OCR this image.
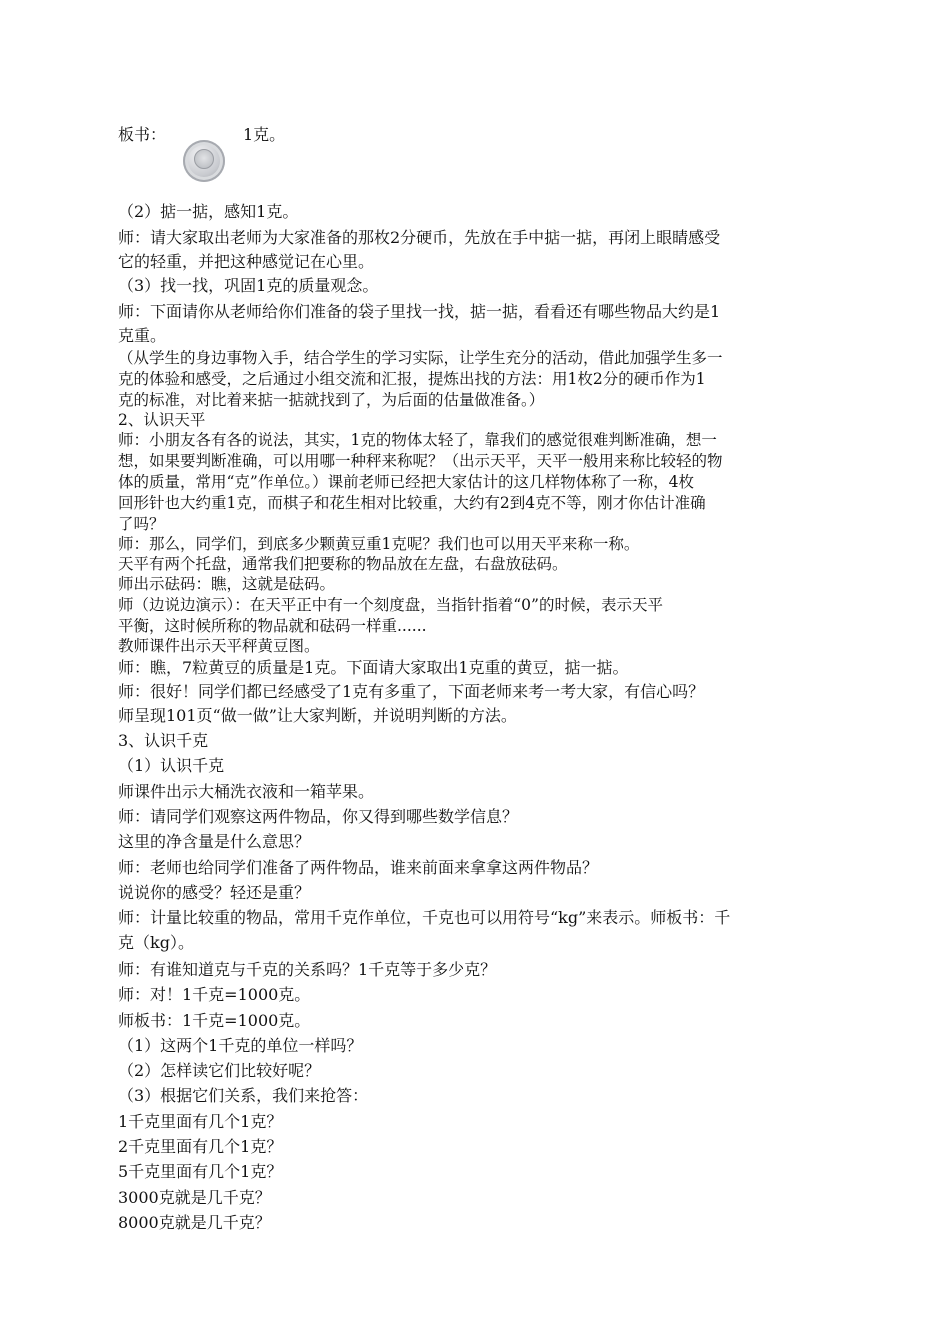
板书：	1克。

（2）掂一掂，感知1克。

师：请大家取出老师为大家准备的那枚2分硬币，先放在手中掂一掂，再闭上眼睛感受

它的轻重，并把这种感觉记在心里。

（3）找一找，巩固1克的质量观念。

师：下面请你从老师给你们准备的袋子里找一找，掂一掂，看看还有哪些物品大约是1

克重。

（从学生的身边事物入手，结合学生的学习实际，让学生充分的活动，借此加强学生多一

克的体验和感受，之后通过小组交流和汇报，提炼出找的方法：用1枚2分的硬币作为1

克的标准，对比着来掂一掂就找到了，为后面的估量做准备。）

2、认识天平

师：小朋友各有各的说法，其实，1克的物体太轻了，靠我们的感觉很难判断准确，想一

想，如果要判断准确，可以用哪一种秤来称呢？（出示天平，天平一般用来称比较轻的物

体的质量，常用“克”作单位。）课前老师已经把大家估计的这几样物体称了一称，4枚

回形针也大约重1克，而棋子和花生相对比较重，大约有2到4克不等，刚才你估计准确

了吗？

师：那么，同学们，到底多少颗黄豆重1克呢？我们也可以用天平来称一称。

天平有两个托盘，通常我们把要称的物品放在左盘，右盘放砝码。

师出示砝码：瞧，这就是砝码。

师（边说边演示）：在天平正中有一个刻度盘，当指针指着“0”的时候，表示天平

平衡，这时候所称的物品就和砝码一样重......

教师课件出示天平秤黄豆图。

师：瞧，7粒黄豆的质量是1克。下面请大家取出1克重的黄豆，掂一掂。

师：很好！同学们都已经感受了1克有多重了，下面老师来考一考大家，有信心吗？

师呈现101页“做一做”让大家判断，并说明判断的方法。

3、认识千克

（1）认识千克

师课件出示大桶洗衣液和一箱苹果。

师：请同学们观察这两件物品，你又得到哪些数学信息？

这里的净含量是什么意思？

师：老师也给同学们准备了两件物品，谁来前面来拿拿这两件物品？

说说你的感受？轻还是重？

师：计量比较重的物品，常用千克作单位，千克也可以用符号“kg”来表示。师板书：千

克（kg）。

师：有谁知道克与千克的关系吗？1千克等于多少克？

师：对！1千克=1000克。

师板书：1千克=1000克。

（1）这两个1千克的单位一样吗？

（2）怎样读它们比较好呢？

（3）根据它们关系，我们来抢答：

1千克里面有几个1克？

2千克里面有几个1克？

5千克里面有几个1克？

3000克就是几千克？

8000克就是几千克？
